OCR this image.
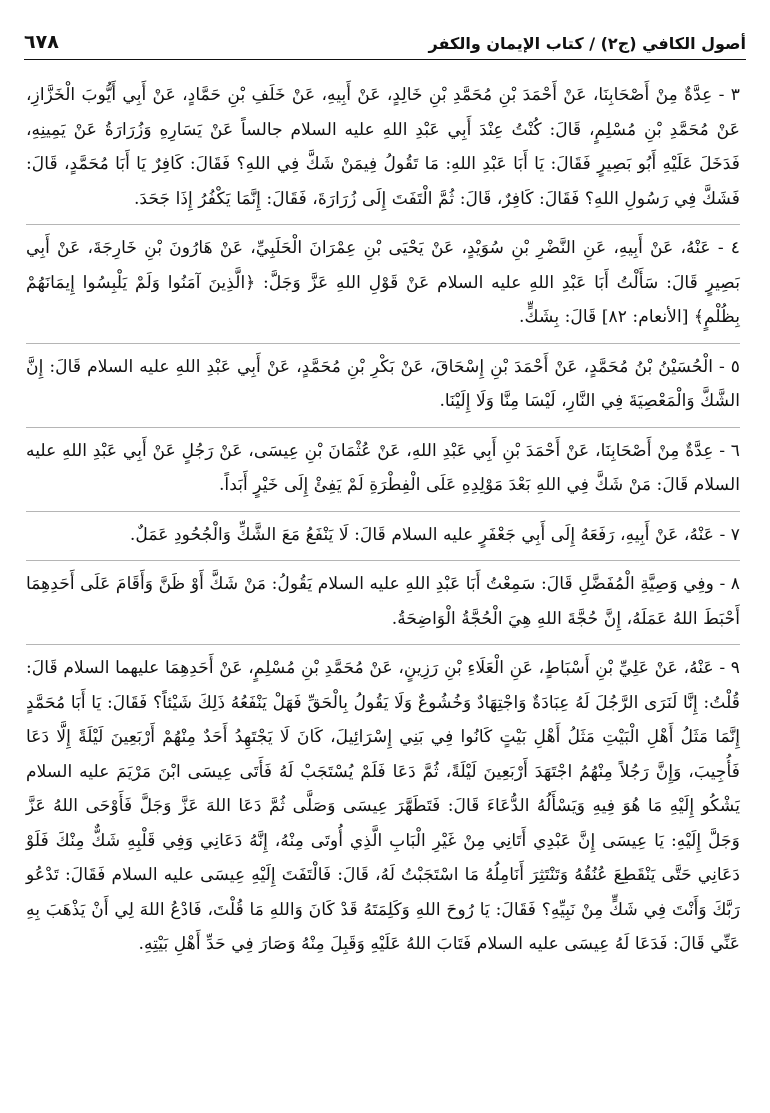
٦٧٨	أصول الكافي (ج٢) / كتاب الإيمان والكفر

٣ - عِدَّةٌ مِنْ أَصْحَابِنَا، عَنْ أَحْمَدَ بْنِ مُحَمَّدِ بْنِ خَالِدٍ، عَنْ أَبِيهِ، عَنْ خَلَفِ بْنِ حَمَّادٍ، عَنْ أَبِي أَيُّوبَ الْخَزَّازِ، عَنْ مُحَمَّدِ بْنِ مُسْلِمٍ، قَالَ: كُنْتُ عِنْدَ أَبِي عَبْدِ اللهِ عليه السلام جالساً عَنْ يَسَارِهِ وَزُرَارَةُ عَنْ يَمِينِهِ، فَدَخَلَ عَلَيْهِ أَبُو بَصِيرٍ فَقَالَ: يَا أَبَا عَبْدِ اللهِ: مَا تَقُولُ فِيمَنْ شَكَّ فِي اللهِ؟ فَقَالَ: كَافِرٌ يَا أَبَا مُحَمَّدٍ، قَالَ: فَشَكَّ فِي رَسُولِ اللهِ؟ فَقَالَ: كَافِرٌ، قَالَ: ثُمَّ الْتَفَتَ إِلَى زُرَارَةَ، فَقَالَ: إِنَّمَا يَكْفُرُ إِذَا جَحَدَ.

٤ - عَنْهُ، عَنْ أَبِيهِ، عَنِ النَّضْرِ بْنِ سُوَيْدٍ، عَنْ يَحْيَى بْنِ عِمْرَانَ الْحَلَبِيِّ، عَنْ هَارُونَ بْنِ خَارِجَةَ، عَنْ أَبِي بَصِيرٍ قَالَ: سَأَلْتُ أَبَا عَبْدِ اللهِ عليه السلام عَنْ قَوْلِ اللهِ عَزَّ وَجَلَّ: ﴿الَّذِينَ آمَنُوا وَلَمْ يَلْبِسُوا إِيمَانَهُمْ بِظُلْمٍ﴾ [الأنعام: ٨٢] قَالَ: بِشَكٍّ.

٥ - الْحُسَيْنُ بْنُ مُحَمَّدٍ، عَنْ أَحْمَدَ بْنِ إِسْحَاقَ، عَنْ بَكْرِ بْنِ مُحَمَّدٍ، عَنْ أَبِي عَبْدِ اللهِ عليه السلام قَالَ: إِنَّ الشَّكَّ وَالْمَعْصِيَةَ فِي النَّارِ، لَيْسَا مِنَّا وَلَا إِلَيْنَا.

٦ - عِدَّةٌ مِنْ أَصْحَابِنَا، عَنْ أَحْمَدَ بْنِ أَبِي عَبْدِ اللهِ، عَنْ عُثْمَانَ بْنِ عِيسَى، عَنْ رَجُلٍ عَنْ أَبِي عَبْدِ اللهِ عليه السلام قَالَ: مَنْ شَكَّ فِي اللهِ بَعْدَ مَوْلِدِهِ عَلَى الْفِطْرَةِ لَمْ يَفِئْ إِلَى خَيْرٍ أَبَداً.

٧ - عَنْهُ، عَنْ أَبِيهِ، رَفَعَهُ إِلَى أَبِي جَعْفَرٍ عليه السلام قَالَ: لَا يَنْفَعُ مَعَ الشَّكِّ وَالْجُحُودِ عَمَلٌ.

٨ - وفِي وَصِيَّةِ الْمُفَضَّلِ قَالَ: سَمِعْتُ أَبَا عَبْدِ اللهِ عليه السلام يَقُولُ: مَنْ شَكَّ أَوْ ظَنَّ وَأَقَامَ عَلَى أَحَدِهِمَا أَحْبَطَ اللهُ عَمَلَهُ، إِنَّ حُجَّةَ اللهِ هِيَ الْحُجَّةُ الْوَاضِحَةُ.

٩ - عَنْهُ، عَنْ عَلِيِّ بْنِ أَسْبَاطٍ، عَنِ الْعَلَاءِ بْنِ رَزِينٍ، عَنْ مُحَمَّدِ بْنِ مُسْلِمٍ، عَنْ أَحَدِهِمَا عليهما السلام قَالَ: قُلْتُ: إِنَّا لَنَرَى الرَّجُلَ لَهُ عِبَادَةٌ وَاجْتِهَادٌ وَخُشُوعٌ وَلَا يَقُولُ بِالْحَقِّ فَهَلْ يَنْفَعُهُ ذَلِكَ شَيْئاً؟ فَقَالَ: يَا أَبَا مُحَمَّدٍ إِنَّمَا مَثَلُ أَهْلِ الْبَيْتِ مَثَلُ أَهْلِ بَيْتٍ كَانُوا فِي بَنِي إِسْرَائِيلَ، كَانَ لَا يَجْتَهِدُ أَحَدٌ مِنْهُمْ أَرْبَعِينَ لَيْلَةً إِلَّا دَعَا فَأُجِيبَ، وَإِنَّ رَجُلاً مِنْهُمُ اجْتَهَدَ أَرْبَعِينَ لَيْلَةً، ثُمَّ دَعَا فَلَمْ يُسْتَجَبْ لَهُ فَأَتَى عِيسَى ابْنَ مَرْيَمَ عليه السلام يَشْكُو إِلَيْهِ مَا هُوَ فِيهِ وَيَسْأَلُهُ الدُّعَاءَ قَالَ: فَتَطَهَّرَ عِيسَى وَصَلَّى ثُمَّ دَعَا اللهَ عَزَّ وَجَلَّ فَأَوْحَى اللهُ عَزَّ وَجَلَّ إِلَيْهِ: يَا عِيسَى إِنَّ عَبْدِي أَتَانِي مِنْ غَيْرِ الْبَابِ الَّذِي أُوتَى مِنْهُ، إِنَّهُ دَعَانِي وَفِي قَلْبِهِ شَكٌّ مِنْكَ فَلَوْ دَعَانِي حَتَّى يَنْقَطِعَ عُنُقُهُ وَتَنْتَثِرَ أَنَامِلُهُ مَا اسْتَجَبْتُ لَهُ، قَالَ: فَالْتَفَتَ إِلَيْهِ عِيسَى عليه السلام فَقَالَ: تَدْعُو رَبَّكَ وَأَنْتَ فِي شَكٍّ مِنْ نَبِيِّهِ؟ فَقَالَ: يَا رُوحَ اللهِ وَكَلِمَتَهُ قَدْ كَانَ وَاللهِ مَا قُلْتَ، فَادْعُ اللهَ لِي أَنْ يَذْهَبَ بِهِ عَنِّي قَالَ: فَدَعَا لَهُ عِيسَى عليه السلام فَتَابَ اللهُ عَلَيْهِ وَقَبِلَ مِنْهُ وَصَارَ فِي حَدِّ أَهْلِ بَيْتِهِ.
